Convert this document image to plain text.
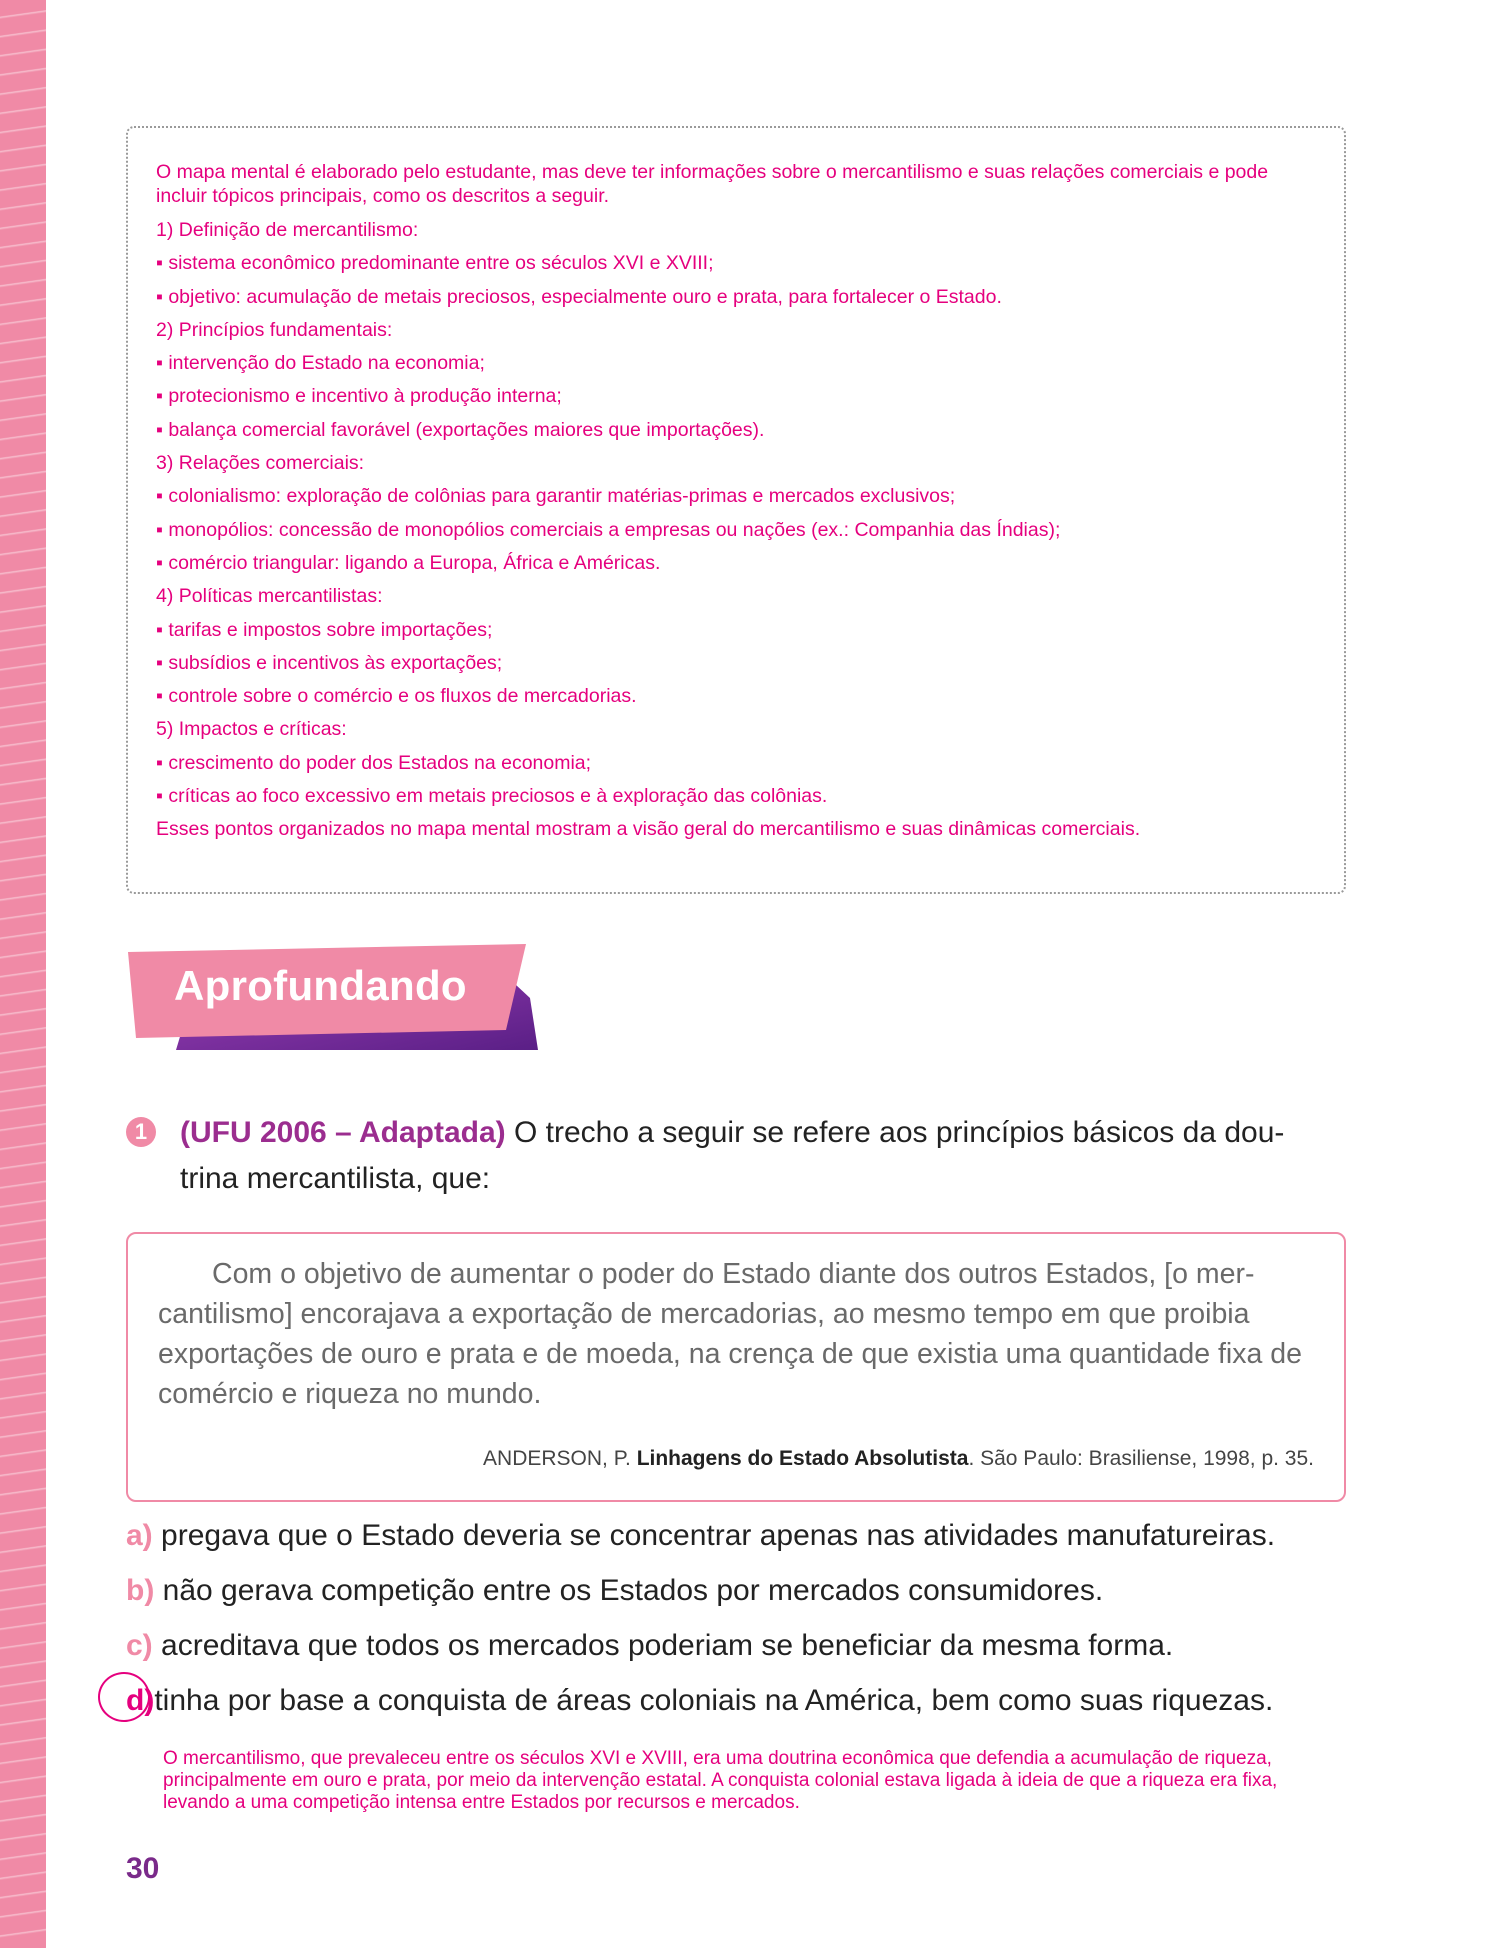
O mapa mental é elaborado pelo estudante, mas deve ter informações sobre o mercantilismo e suas relações comerciais e pode incluir tópicos principais, como os descritos a seguir.
1) Definição de mercantilismo:
▪ sistema econômico predominante entre os séculos XVI e XVIII;
▪ objetivo: acumulação de metais preciosos, especialmente ouro e prata, para fortalecer o Estado.
2) Princípios fundamentais:
▪ intervenção do Estado na economia;
▪ protecionismo e incentivo à produção interna;
▪ balança comercial favorável (exportações maiores que importações).
3) Relações comerciais:
▪ colonialismo: exploração de colônias para garantir matérias-primas e mercados exclusivos;
▪ monopólios: concessão de monopólios comerciais a empresas ou nações (ex.: Companhia das Índias);
▪ comércio triangular: ligando a Europa, África e Américas.
4) Políticas mercantilistas:
▪ tarifas e impostos sobre importações;
▪ subsídios e incentivos às exportações;
▪ controle sobre o comércio e os fluxos de mercadorias.
5) Impactos e críticas:
▪ crescimento do poder dos Estados na economia;
▪ críticas ao foco excessivo em metais preciosos e à exploração das colônias.
Esses pontos organizados no mapa mental mostram a visão geral do mercantilismo e suas dinâmicas comerciais.
Aprofundando
1 (UFU 2006 – Adaptada) O trecho a seguir se refere aos princípios básicos da dou- trina mercantilista, que:

Com o objetivo de aumentar o poder do Estado diante dos outros Estados, [o mer- cantilismo] encorajava a exportação de mercadorias, ao mesmo tempo em que proibia exportações de ouro e prata e de moeda, na crença de que existia uma quantidade fixa de comércio e riqueza no mundo.

ANDERSON, P. Linhagens do Estado Absolutista. São Paulo: Brasiliense, 1998, p. 35.
a) pregava que o Estado deveria se concentrar apenas nas atividades manufatureiras.
b) não gerava competição entre os Estados por mercados consumidores.
c) acreditava que todos os mercados poderiam se beneficiar da mesma forma.
d)tinha por base a conquista de áreas coloniais na América, bem como suas riquezas.
O mercantilismo, que prevaleceu entre os séculos XVI e XVIII, era uma doutrina econômica que defendia a acumulação de riqueza, principalmente em ouro e prata, por meio da intervenção estatal. A conquista colonial estava ligada à ideia de que a riqueza era fixa, levando a uma competição intensa entre Estados por recursos e mercados.
30
